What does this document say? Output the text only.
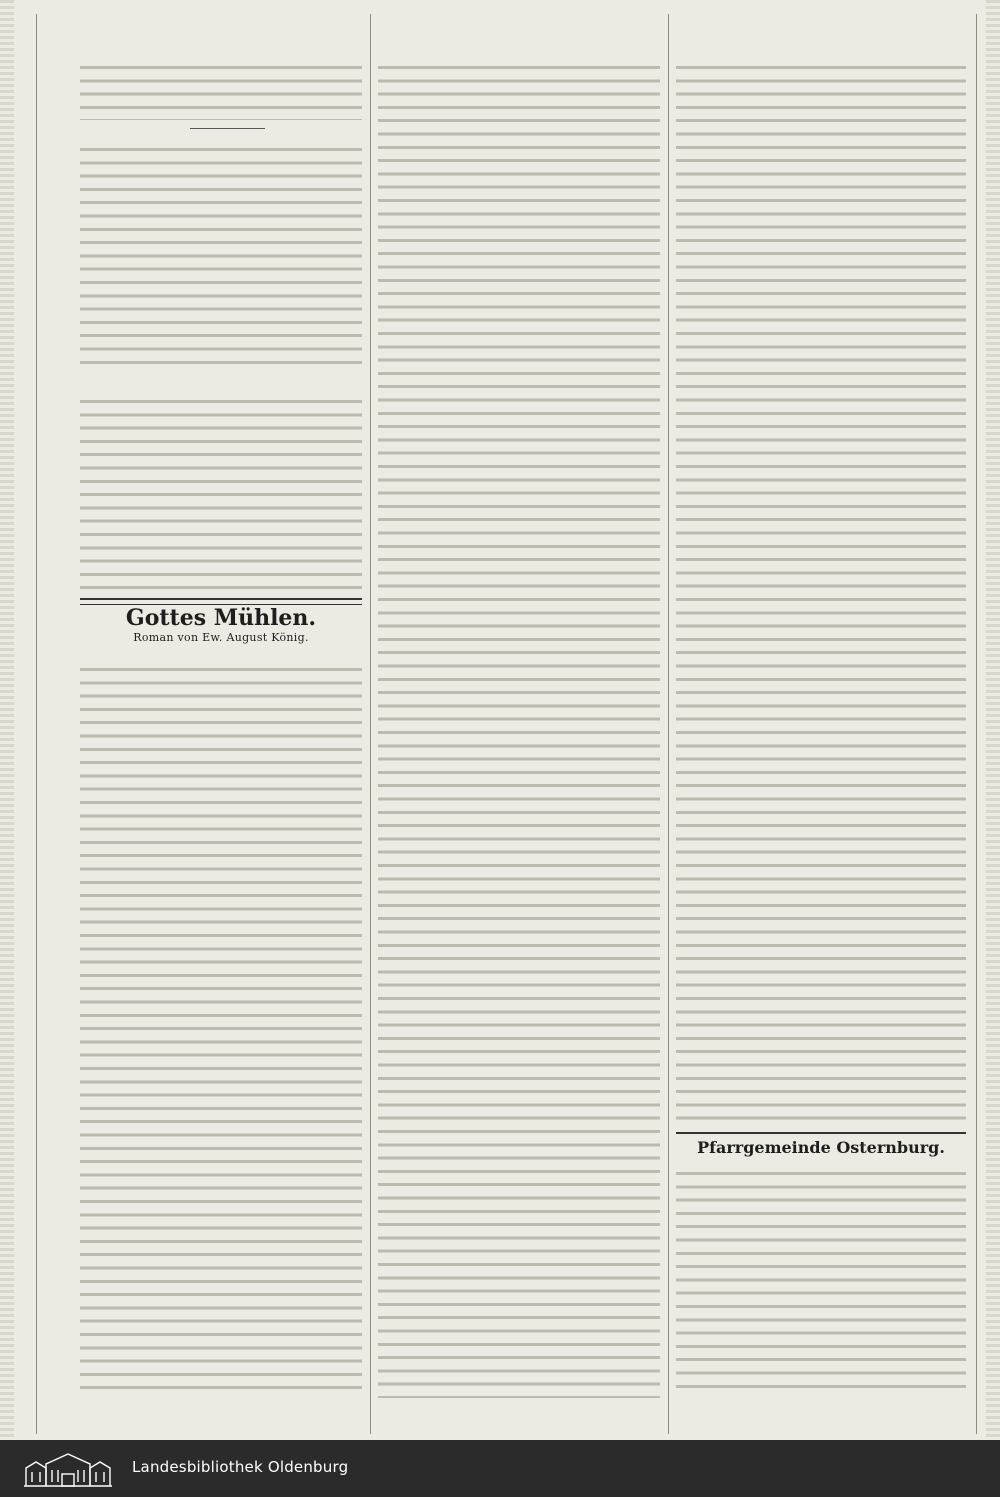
Gottes Mühlen.
Roman von Ew. August König.
Pfarrgemeinde Osternburg.
Landesbibliothek Oldenburg
